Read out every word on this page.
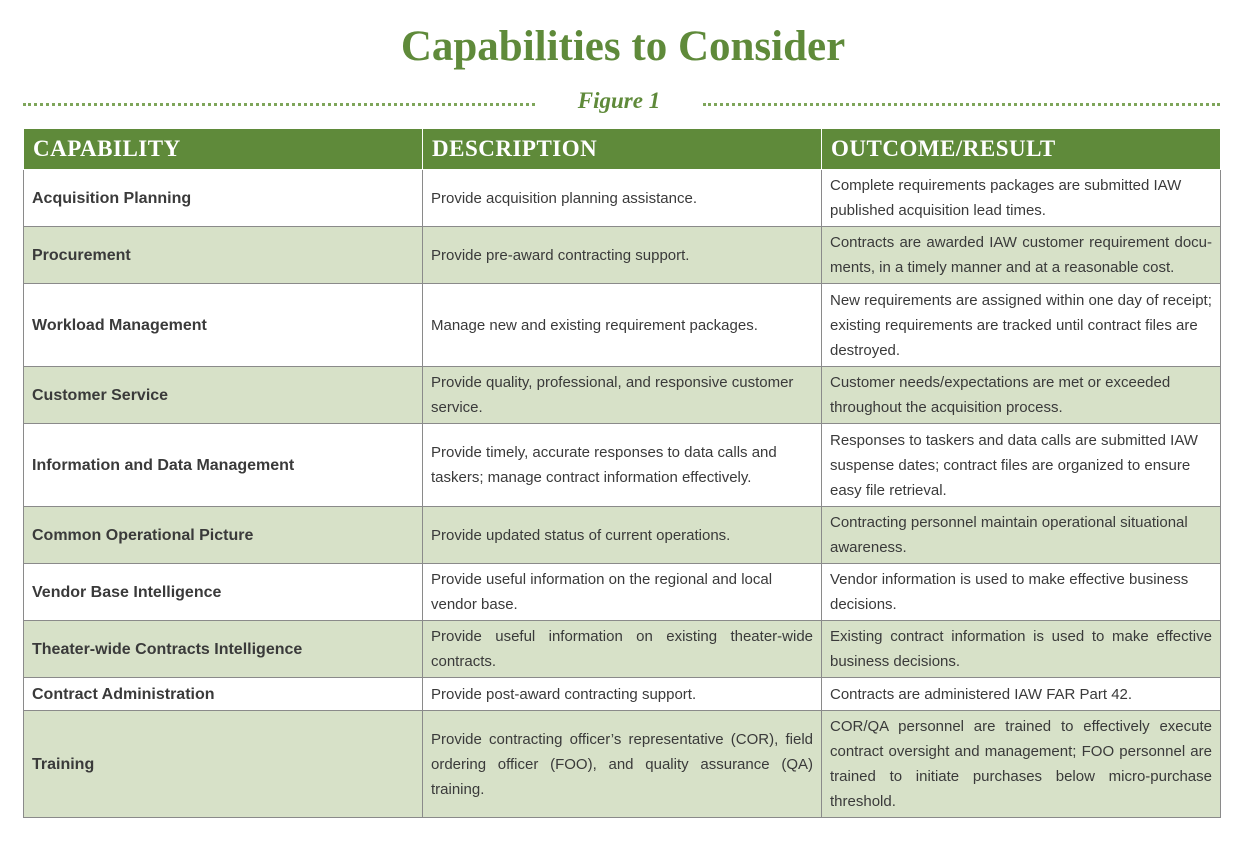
Capabilities to Consider
Figure 1
CAPABILITY	DESCRIPTION	OUTCOME/RESULT
Acquisition Planning	Provide acquisition planning assistance.	Complete requirements packages are submitted IAW published acquisition lead times.
Procurement	Provide pre-award contracting support.	Contracts are awarded IAW customer requirement docu-ments, in a timely manner and at a reasonable cost.
Workload Management	Manage new and existing requirement packages.	New requirements are assigned within one day of receipt; existing requirements are tracked until contract files are destroyed.
Customer Service	Provide quality, professional, and responsive customer service.	Customer needs/expectations are met or exceeded throughout the acquisition process.
Information and Data Management	Provide timely, accurate responses to data calls and taskers; manage contract information effectively.	Responses to taskers and data calls are submitted IAW suspense dates; contract files are organized to ensure easy file retrieval.
Common Operational Picture	Provide updated status of current operations.	Contracting personnel maintain operational situational awareness.
Vendor Base Intelligence	Provide useful information on the regional and local vendor base.	Vendor information is used to make effective business decisions.
Theater-wide Contracts Intelligence	Provide useful information on existing theater-wide contracts.	Existing contract information is used to make effective business decisions.
Contract Administration	Provide post-award contracting support.	Contracts are administered IAW FAR Part 42.
Training	Provide contracting officer’s representative (COR), field ordering officer (FOO), and quality assurance (QA) training.	COR/QA personnel are trained to effectively execute contract oversight and management; FOO personnel are trained to initiate purchases below micro-purchase threshold.
